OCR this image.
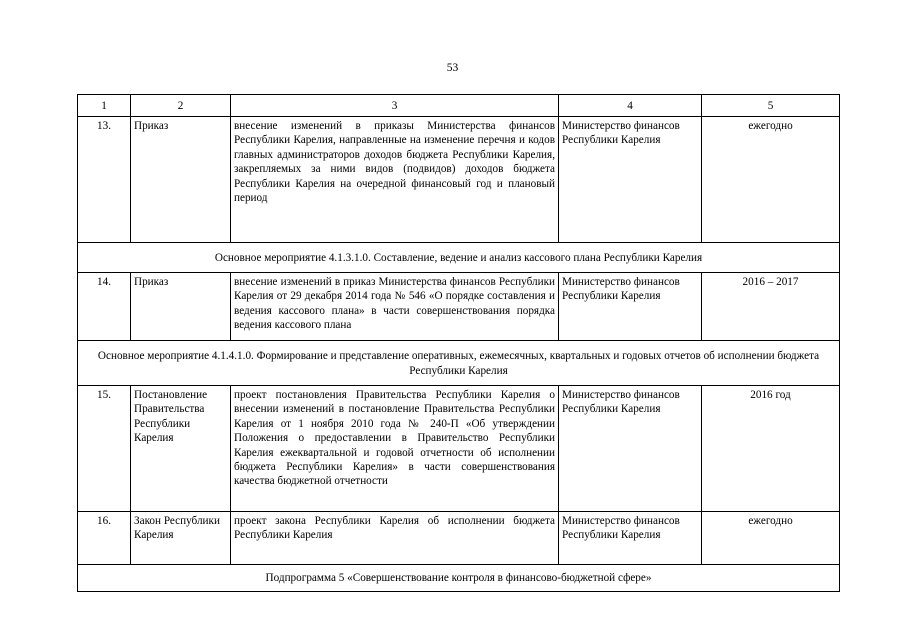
53
1	2	3	4	5
13.	Приказ	внесение изменений в приказы Министерства финансов Республики Карелия, направленные на изменение перечня и кодов главных администраторов доходов бюджета Республики Карелия, закрепляемых за ними видов (подвидов) доходов бюджета Республики Карелия на очередной финансовый год и плановый период	Министерство финансов Республики Карелия	ежегодно
Основное мероприятие 4.1.3.1.0. Составление, ведение и анализ кассового плана Республики Карелия				
14.	Приказ	внесение изменений в приказ Министерства финансов Республики Карелия от 29 декабря 2014 года № 546 «О порядке составления и ведения кассового плана» в части совершенствования порядка ведения кассового плана	Министерство финансов Республики Карелия	2016 – 2017
Основное мероприятие 4.1.4.1.0. Формирование и представление оперативных, ежемесячных, квартальных и годовых отчетов об исполнении бюджета Республики Карелия				
15.	Постановление Правительства Республики Карелия	проект постановления Правительства Республики Карелия о внесении изменений в постановление Правительства Республики Карелия от 1 ноября 2010 года № 240-П «Об утверждении Положения о предоставлении в Правительство Республики Карелия ежеквартальной и годовой отчетности об исполнении бюджета Республики Карелия» в части совершенствования качества бюджетной отчетности	Министерство финансов Республики Карелия	2016 год
16.	Закон Республики Карелия	проект закона Республики Карелия об исполнении бюджета Республики Карелия	Министерство финансов Республики Карелия	ежегодно
Подпрограмма 5 «Совершенствование контроля в финансово-бюджетной сфере»				
